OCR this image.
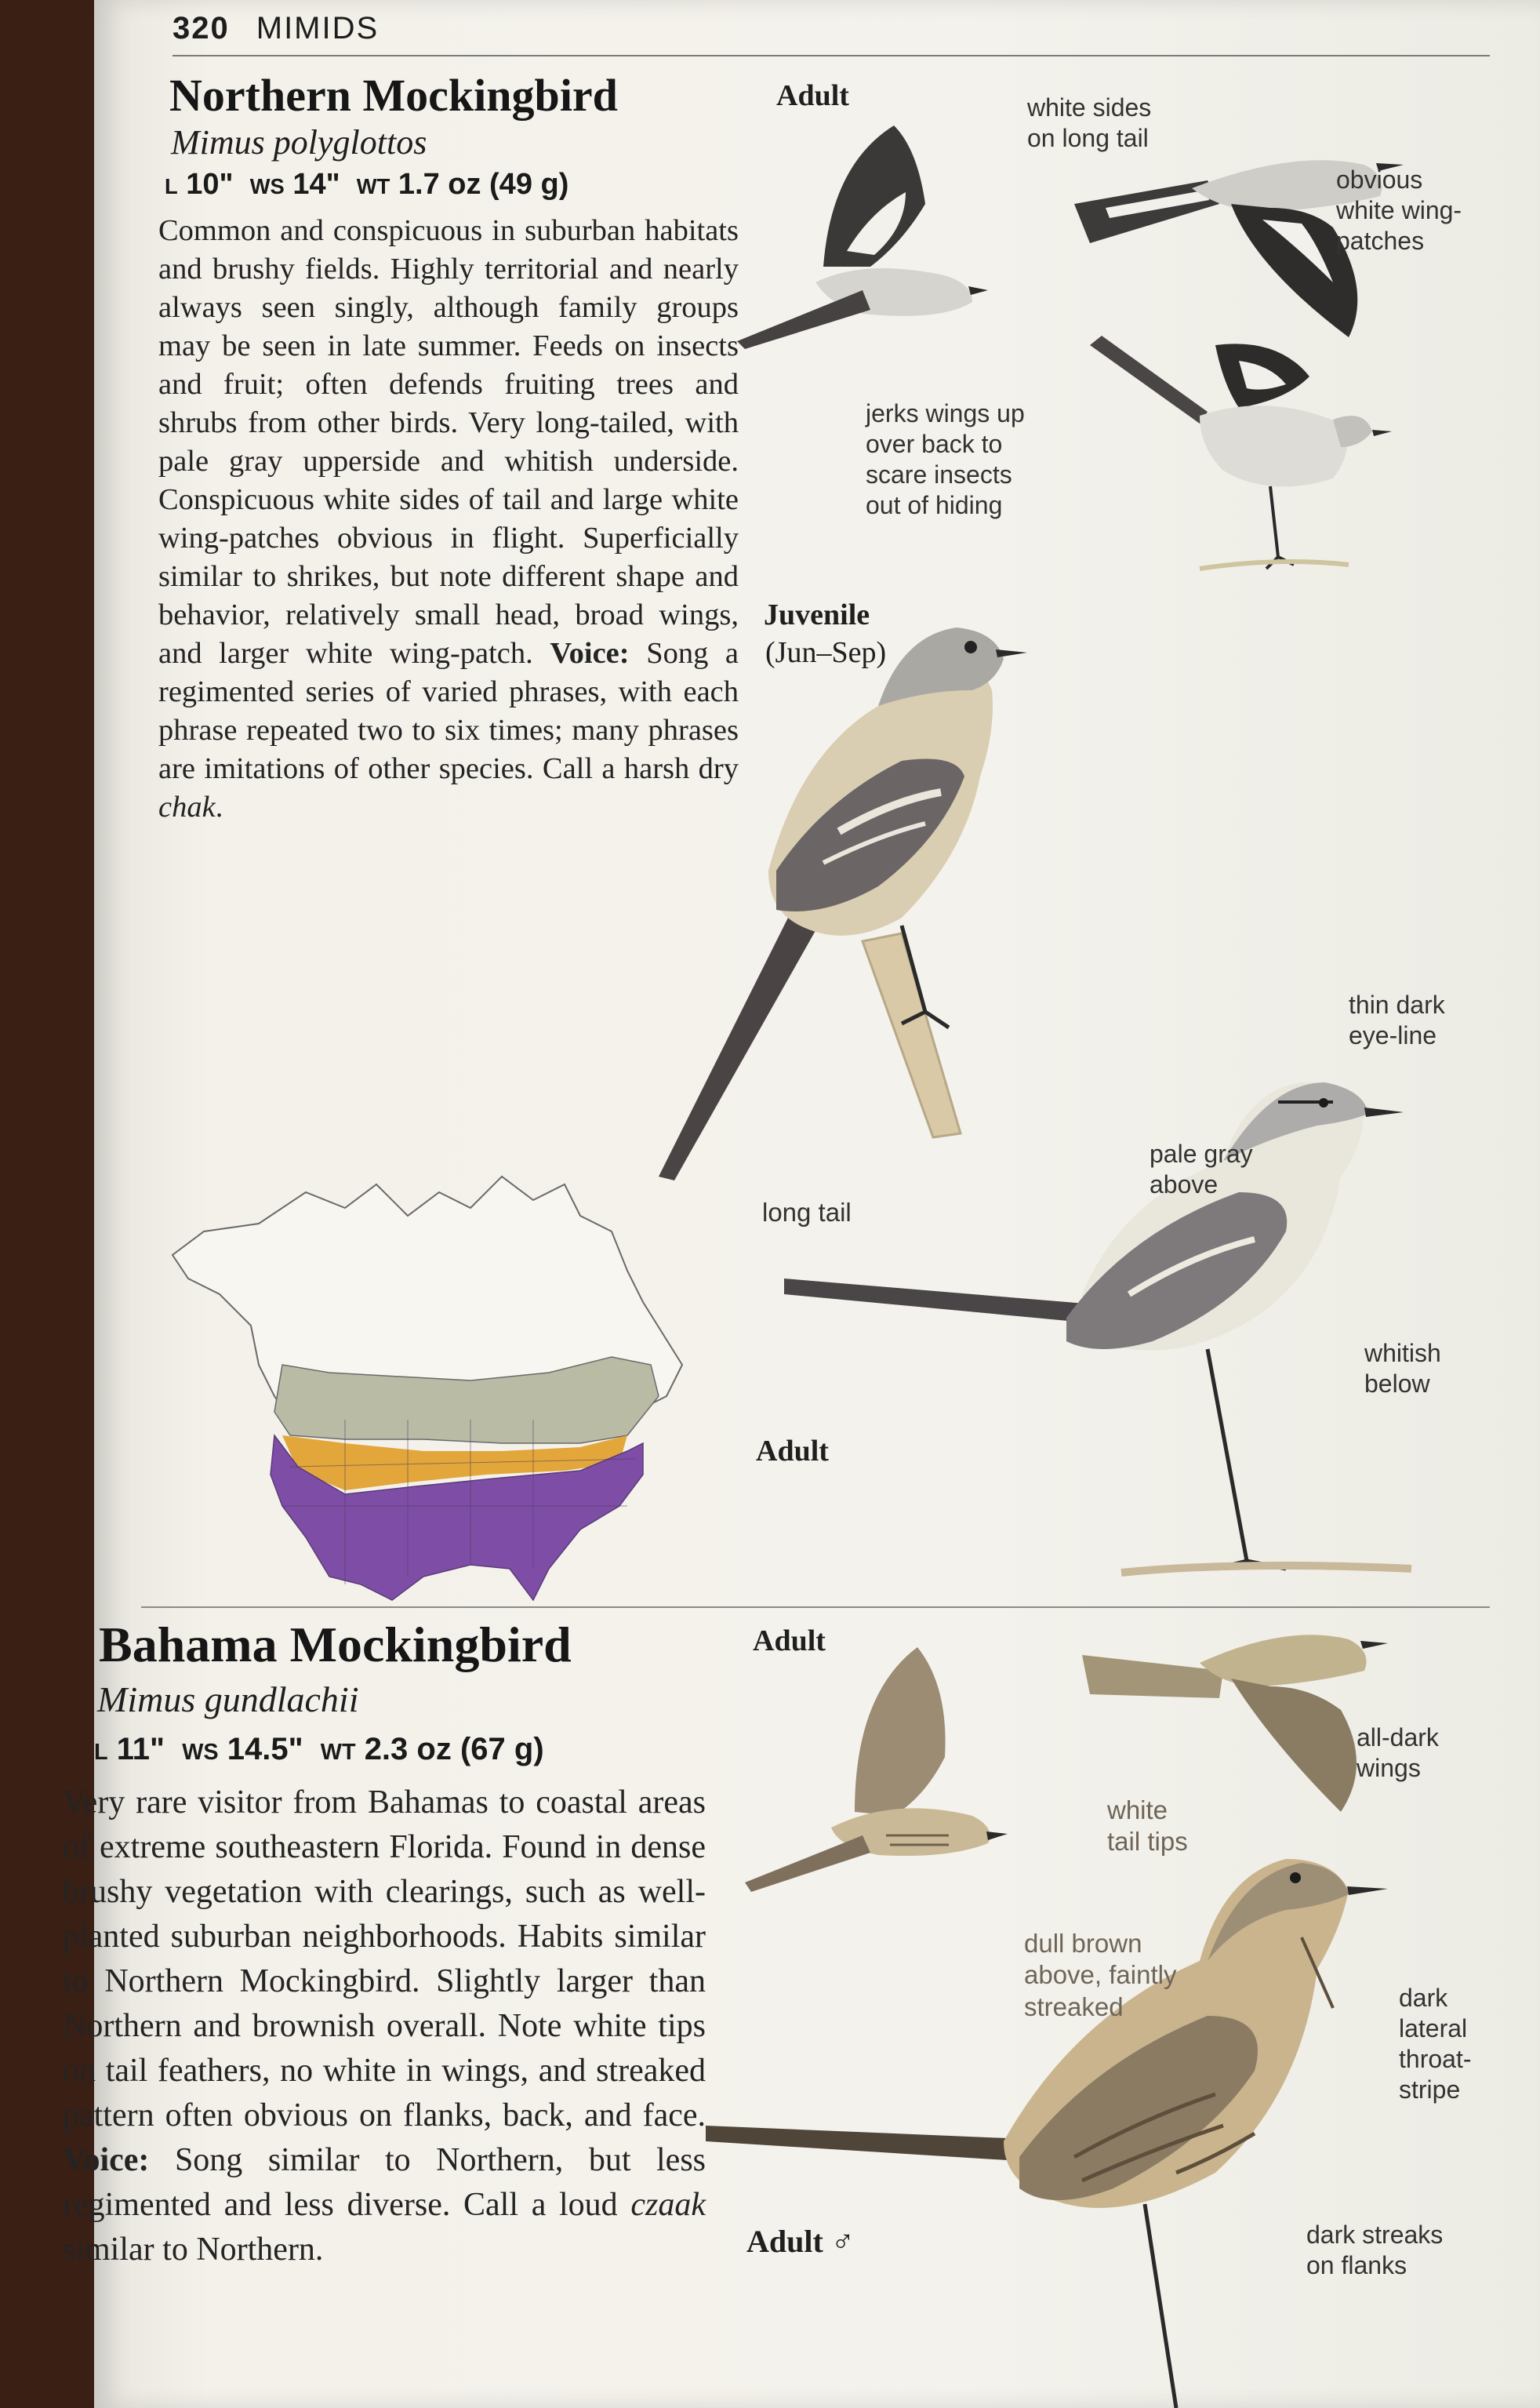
320 MIMIDS
Northern Mockingbird
Mimus polyglottos
L 10" WS 14" WT 1.7 oz (49 g)
Common and conspicuous in suburban habitats and brushy fields. Highly territorial and nearly always seen singly, although family groups may be seen in late summer. Feeds on insects and fruit; often defends fruiting trees and shrubs from other birds. Very long-tailed, with pale gray upperside and whitish underside. Conspicuous white sides of tail and large white wing-patches obvious in flight. Superficially similar to shrikes, but note different shape and behavior, relatively small head, broad wings, and larger white wing-patch. Voice: Song a regimented series of varied phrases, with each phrase repeated two to six times; many phrases are imitations of other species. Call a harsh dry chak.
Adult	white sides
on long tail
obvious
white wing-
patches
jerks wings up
over back to
scare insects
out of hiding
Juvenile
(Jun–Sep)
thin dark
eye-line
pale gray
above
long tail
whitish
below
Adult
Bahama Mockingbird
Mimus gundlachii
L 11" WS 14.5" WT 2.3 oz (67 g)
Very rare visitor from Bahamas to coastal areas of extreme southeastern Florida. Found in dense brushy vegetation with clearings, such as well-planted suburban neighborhoods. Habits similar to Northern Mockingbird. Slightly larger than Northern and brownish overall. Note white tips on tail feathers, no white in wings, and streaked pattern often obvious on flanks, back, and face. Voice: Song similar to Northern, but less regimented and less diverse. Call a loud czaak similar to Northern.
Adult
all-dark
wings
white
tail tips
dull brown
above, faintly
streaked	dark
lateral
throat-
stripe
Adult ♂	dark streaks
on flanks
